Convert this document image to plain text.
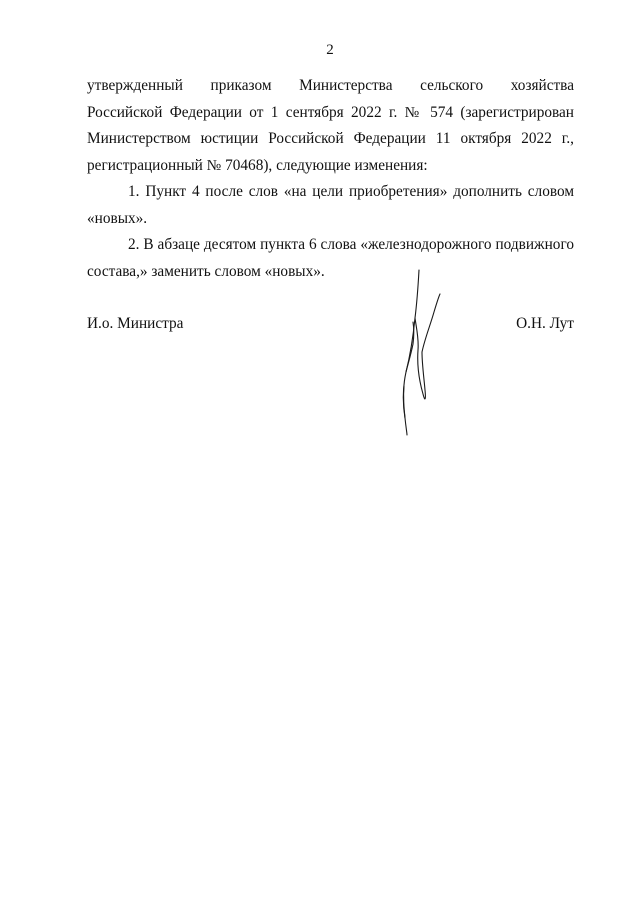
2
утвержденный приказом Министерства сельского хозяйства
Российской Федерации от 1 сентября 2022 г. № 574 (зарегистрирован
Министерством юстиции Российской Федерации 11 октября 2022 г.,
регистрационный № 70468), следующие изменения:
1. Пункт 4 после слов «на цели приобретения» дополнить словом
«новых».
2. В абзаце десятом пункта 6 слова «железнодорожного подвижного
состава,» заменить словом «новых».
И.о. Министра	О.Н. Лут
